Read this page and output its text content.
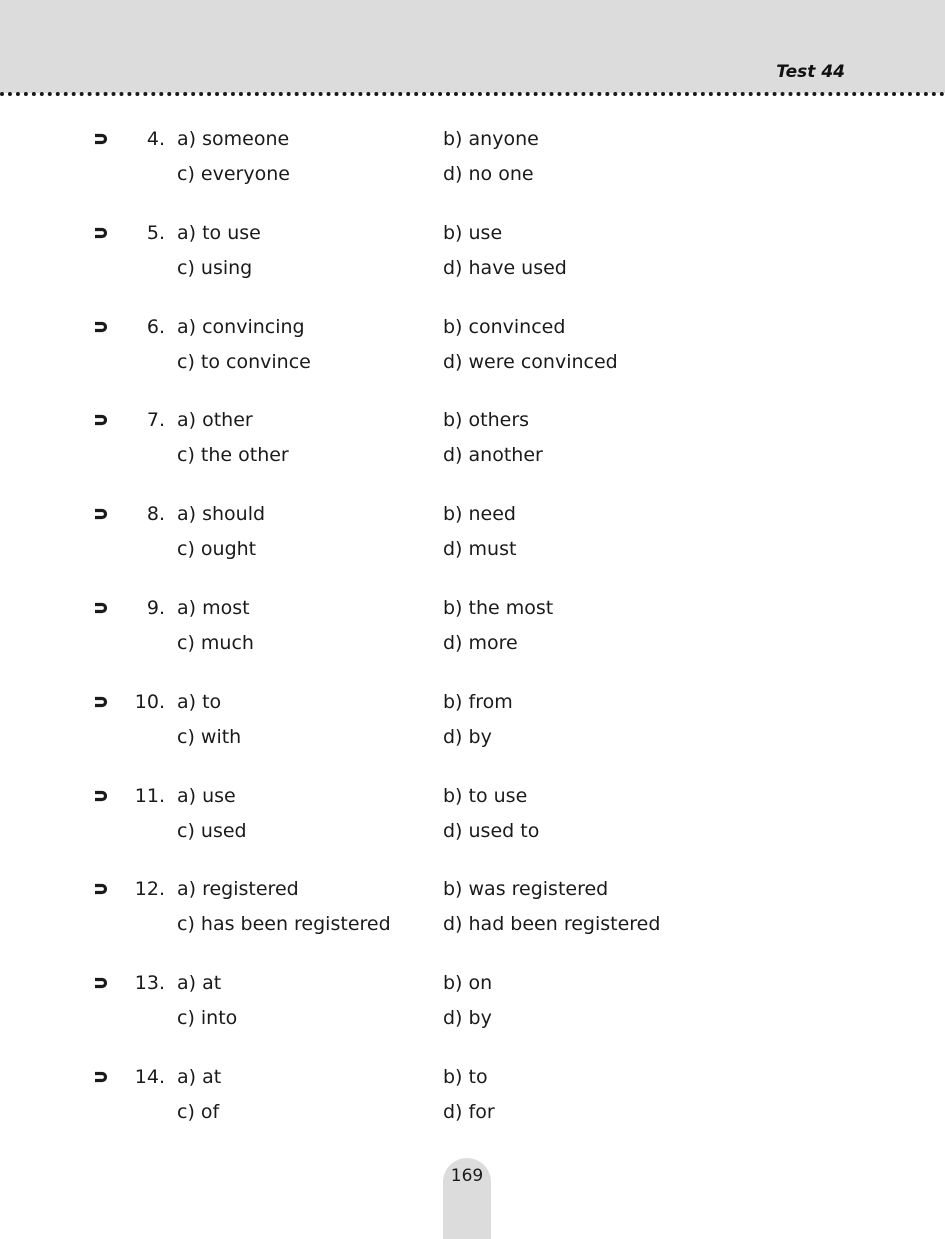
Test 44
4. a) someone	b) anyone
c) everyone	d) no one
5. a) to use	b) use
c) using	d) have used
6. a) convincing	b) convinced
c) to convince	d) were convinced
7. a) other	b) others
c) the other	d) another
8. a) should	b) need
c) ought	d) must
9. a) most	b) the most
c) much	d) more
10. a) to	b) from
c) with	d) by
11. a) use	b) to use
c) used	d) used to
12. a) registered	b) was registered
c) has been registered	d) had been registered
13. a) at	b) on
c) into	d) by
14. a) at	b) to
c) of	d) for
169
